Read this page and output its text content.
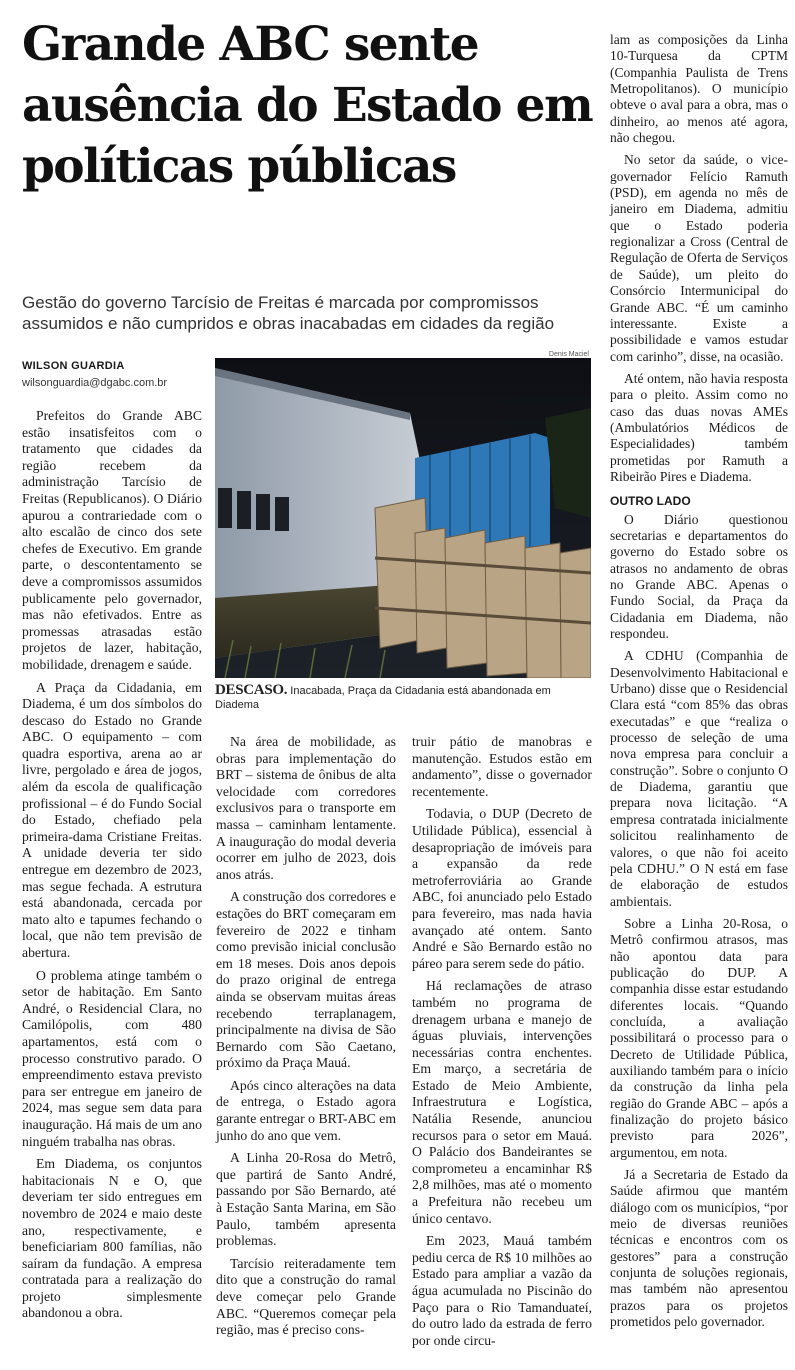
Grande ABC sente ausência do Estado em políticas públicas

Gestão do governo Tarcísio de Freitas é marcada por compromissos assumidos e não cumpridos e obras inacabadas em cidades da região

WILSON GUARDIA
wilsonguardia@dgabc.com.br

Prefeitos do Grande ABC estão insatisfeitos com o tratamento que cidades da região recebem da administração Tarcísio de Freitas (Republicanos). O Diário apurou a contrariedade com o alto escalão de cinco dos sete chefes de Executivo. Em grande parte, o descontentamento se deve a compromissos assumidos publicamente pelo governador, mas não efetivados. Entre as promessas atrasadas estão projetos de lazer, habitação, mobilidade, drenagem e saúde.

A Praça da Cidadania, em Diadema, é um dos símbolos do descaso do Estado no Grande ABC. O equipamento – com quadra esportiva, arena ao ar livre, pergolado e área de jogos, além da escola de qualificação profissional – é do Fundo Social do Estado, chefiado pela primeira-dama Cristiane Freitas. A unidade deveria ter sido entregue em dezembro de 2023, mas segue fechada. A estrutura está abandonada, cercada por mato alto e tapumes fechando o local, que não tem previsão de abertura.

O problema atinge também o setor de habitação. Em Santo André, o Residencial Clara, no Camilópolis, com 480 apartamentos, está com o processo construtivo parado. O empreendimento estava previsto para ser entregue em janeiro de 2024, mas segue sem data para inauguração. Há mais de um ano ninguém trabalha nas obras.

Em Diadema, os conjuntos habitacionais N e O, que deveriam ter sido entregues em novembro de 2024 e maio deste ano, respectivamente, e beneficiariam 800 famílias, não saíram da fundação. A empresa contratada para a realização do projeto simplesmente abandonou a obra.

Denis Maciel
DESCASO. Inacabada, Praça da Cidadania está abandonada em Diadema

Na área de mobilidade, as obras para implementação do BRT – sistema de ônibus de alta velocidade com corredores exclusivos para o transporte em massa – caminham lentamente. A inauguração do modal deveria ocorrer em julho de 2023, dois anos atrás.

A construção dos corredores e estações do BRT começaram em fevereiro de 2022 e tinham como previsão inicial conclusão em 18 meses. Dois anos depois do prazo original de entrega ainda se observam muitas áreas recebendo terraplanagem, principalmente na divisa de São Bernardo com São Caetano, próximo da Praça Mauá.

Após cinco alterações na data de entrega, o Estado agora garante entregar o BRT-ABC em junho do ano que vem.

A Linha 20-Rosa do Metrô, que partirá de Santo André, passando por São Bernardo, até à Estação Santa Marina, em São Paulo, também apresenta problemas.

Tarcísio reiteradamente tem dito que a construção do ramal deve começar pelo Grande ABC. “Queremos começar pela região, mas é preciso cons-

truir pátio de manobras e manutenção. Estudos estão em andamento”, disse o governador recentemente.

Todavia, o DUP (Decreto de Utilidade Pública), essencial à desapropriação de imóveis para a expansão da rede metroferroviária ao Grande ABC, foi anunciado pelo Estado para fevereiro, mas nada havia avançado até ontem. Santo André e São Bernardo estão no páreo para serem sede do pátio.

Há reclamações de atraso também no programa de drenagem urbana e manejo de águas pluviais, intervenções necessárias contra enchentes. Em março, a secretária de Estado de Meio Ambiente, Infraestrutura e Logística, Natália Resende, anunciou recursos para o setor em Mauá. O Palácio dos Bandeirantes se comprometeu a encaminhar R$ 2,8 milhões, mas até o momento a Prefeitura não recebeu um único centavo.

Em 2023, Mauá também pediu cerca de R$ 10 milhões ao Estado para ampliar a vazão da água acumulada no Piscinão do Paço para o Rio Tamanduateí, do outro lado da estrada de ferro por onde circu-

lam as composições da Linha 10-Turquesa da CPTM (Companhia Paulista de Trens Metropolitanos). O município obteve o aval para a obra, mas o dinheiro, ao menos até agora, não chegou.

No setor da saúde, o vice-governador Felício Ramuth (PSD), em agenda no mês de janeiro em Diadema, admitiu que o Estado poderia regionalizar a Cross (Central de Regulação de Oferta de Serviços de Saúde), um pleito do Consórcio Intermunicipal do Grande ABC. “É um caminho interessante. Existe a possibilidade e vamos estudar com carinho”, disse, na ocasião.

Até ontem, não havia resposta para o pleito. Assim como no caso das duas novas AMEs (Ambulatórios Médicos de Especialidades) também prometidas por Ramuth a Ribeirão Pires e Diadema.

OUTRO LADO

O Diário questionou secretarias e departamentos do governo do Estado sobre os atrasos no andamento de obras no Grande ABC. Apenas o Fundo Social, da Praça da Cidadania em Diadema, não respondeu.

A CDHU (Companhia de Desenvolvimento Habitacional e Urbano) disse que o Residencial Clara está “com 85% das obras executadas” e que “realiza o processo de seleção de uma nova empresa para concluir a construção”. Sobre o conjunto O de Diadema, garantiu que prepara nova licitação. “A empresa contratada inicialmente solicitou realinhamento de valores, o que não foi aceito pela CDHU.” O N está em fase de elaboração de estudos ambientais.

Sobre a Linha 20-Rosa, o Metrô confirmou atrasos, mas não apontou data para publicação do DUP. A companhia disse estar estudando diferentes locais. “Quando concluída, a avaliação possibilitará o processo para o Decreto de Utilidade Pública, auxiliando também para o início da construção da linha pela região do Grande ABC – após a finalização do projeto básico previsto para 2026”, argumentou, em nota.

Já a Secretaria de Estado da Saúde afirmou que mantém diálogo com os municípios, “por meio de diversas reuniões técnicas e encontros com os gestores” para a construção conjunta de soluções regionais, mas também não apresentou prazos para os projetos prometidos pelo governador.
